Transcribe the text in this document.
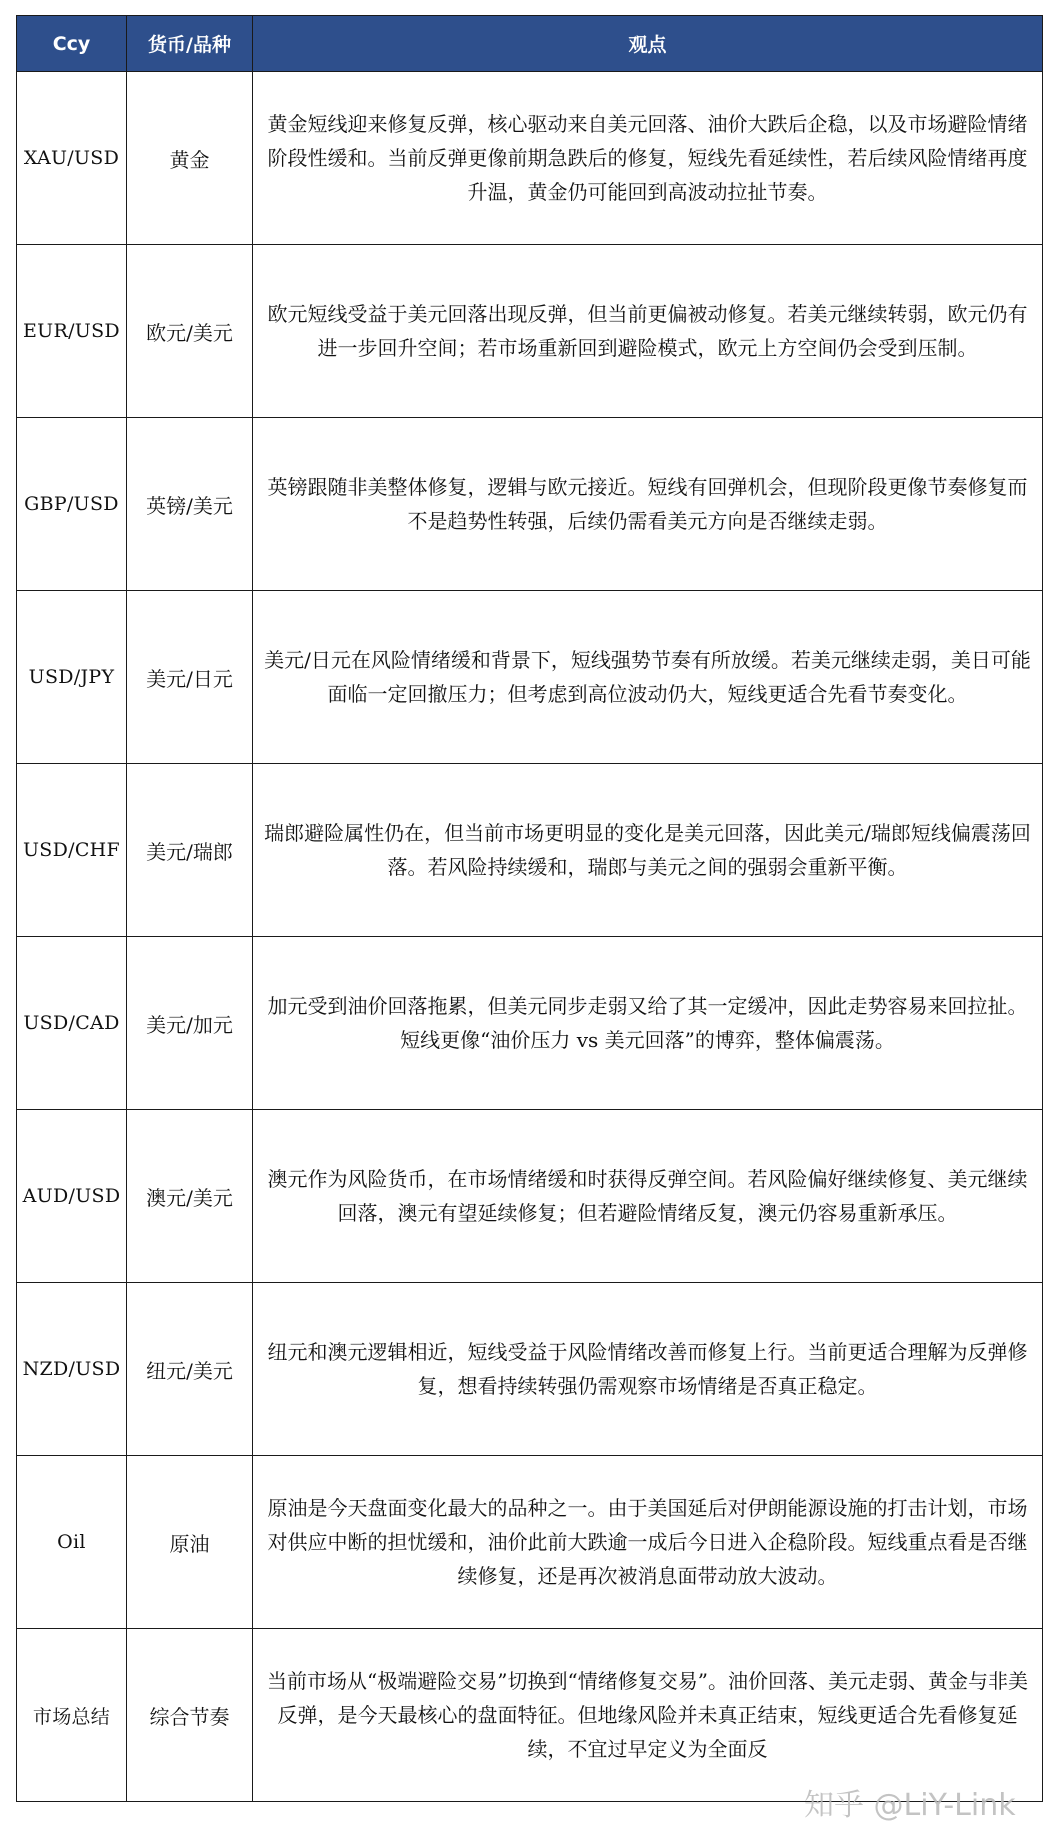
Ccy	货币/品种	观点
XAU/USD	黄金	黄金短线迎来修复反弹，核心驱动来自美元回落、油价大跌后企稳，以及市场避险情绪阶段性缓和。当前反弹更像前期急跌后的修复，短线先看延续性，若后续风险情绪再度升温，黄金仍可能回到高波动拉扯节奏。
EUR/USD	欧元/美元	欧元短线受益于美元回落出现反弹，但当前更偏被动修复。若美元继续转弱，欧元仍有进一步回升空间；若市场重新回到避险模式，欧元上方空间仍会受到压制。
GBP/USD	英镑/美元	英镑跟随非美整体修复，逻辑与欧元接近。短线有回弹机会，但现阶段更像节奏修复而不是趋势性转强，后续仍需看美元方向是否继续走弱。
USD/JPY	美元/日元	美元/日元在风险情绪缓和背景下，短线强势节奏有所放缓。若美元继续走弱，美日可能面临一定回撤压力；但考虑到高位波动仍大，短线更适合先看节奏变化。
USD/CHF	美元/瑞郎	瑞郎避险属性仍在，但当前市场更明显的变化是美元回落，因此美元/瑞郎短线偏震荡回落。若风险持续缓和，瑞郎与美元之间的强弱会重新平衡。
USD/CAD	美元/加元	加元受到油价回落拖累，但美元同步走弱又给了其一定缓冲，因此走势容易来回拉扯。短线更像“油价压力 vs 美元回落”的博弈，整体偏震荡。
AUD/USD	澳元/美元	澳元作为风险货币，在市场情绪缓和时获得反弹空间。若风险偏好继续修复、美元继续回落，澳元有望延续修复；但若避险情绪反复，澳元仍容易重新承压。
NZD/USD	纽元/美元	纽元和澳元逻辑相近，短线受益于风险情绪改善而修复上行。当前更适合理解为反弹修复，想看持续转强仍需观察市场情绪是否真正稳定。
Oil	原油	原油是今天盘面变化最大的品种之一。由于美国延后对伊朗能源设施的打击计划，市场对供应中断的担忧缓和，油价此前大跌逾一成后今日进入企稳阶段。短线重点看是否继续修复，还是再次被消息面带动放大波动。
市场总结	综合节奏	当前市场从“极端避险交易”切换到“情绪修复交易”。油价回落、美元走弱、黄金与非美反弹，是今天最核心的盘面特征。但地缘风险并未真正结束，短线更适合先看修复延续，不宜过早定义为全面反
知乎 @LiY-Link
